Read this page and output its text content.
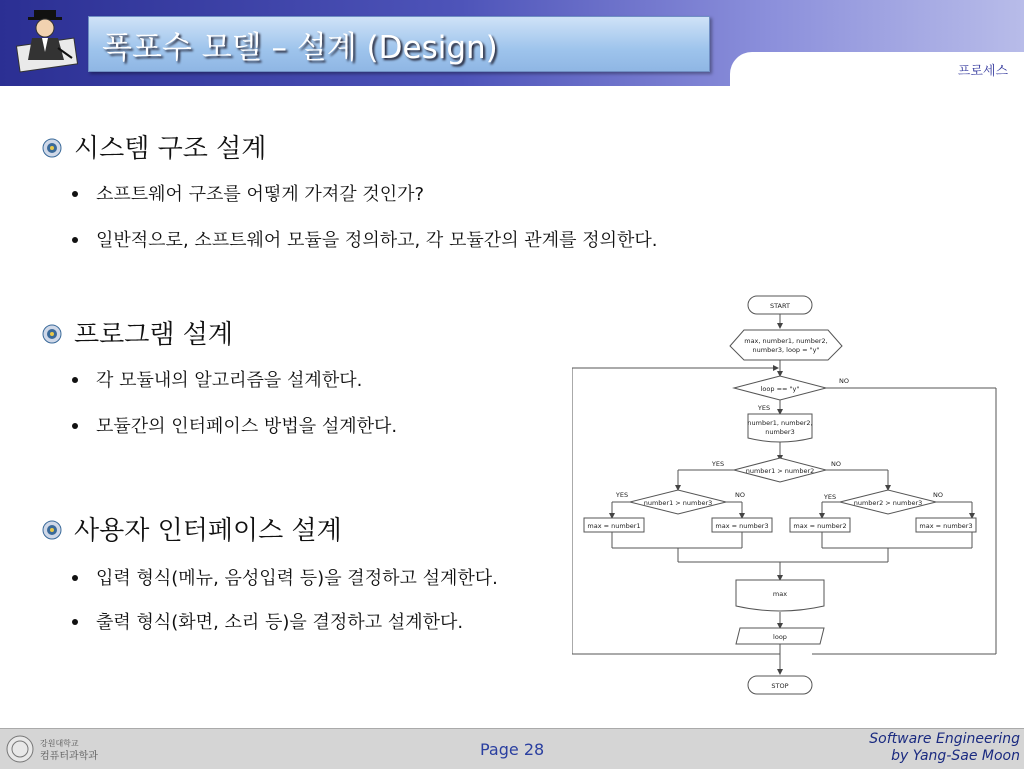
폭포수 모델 – 설계 (Design)
프로세스
시스템 구조 설계
소프트웨어 구조를 어떻게 가져갈 것인가?
일반적으로, 소프트웨어 모듈을 정의하고, 각 모듈간의 관계를 정의한다.
프로그램 설계
각 모듈내의 알고리즘을 설계한다.
모듈간의 인터페이스 방법을 설계한다.
사용자 인터페이스 설계
입력 형식(메뉴, 음성입력 등)을 결정하고 설계한다.
출력 형식(화면, 소리 등)을 결정하고 설계한다.
START
max, number1, number2,
number3, loop = "y"
loop == "y"
number1, number2,
number3
number1 > number2
number1 > number3	number2 > number3
max = number1	max = number3	max = number2	max = number3
max
loop
STOP
YES
NO
YES	NO
YES	NO	YES	NO
강원대학교
컴퓨터과학과	Page 28
Software Engineering
by Yang-Sae Moon
